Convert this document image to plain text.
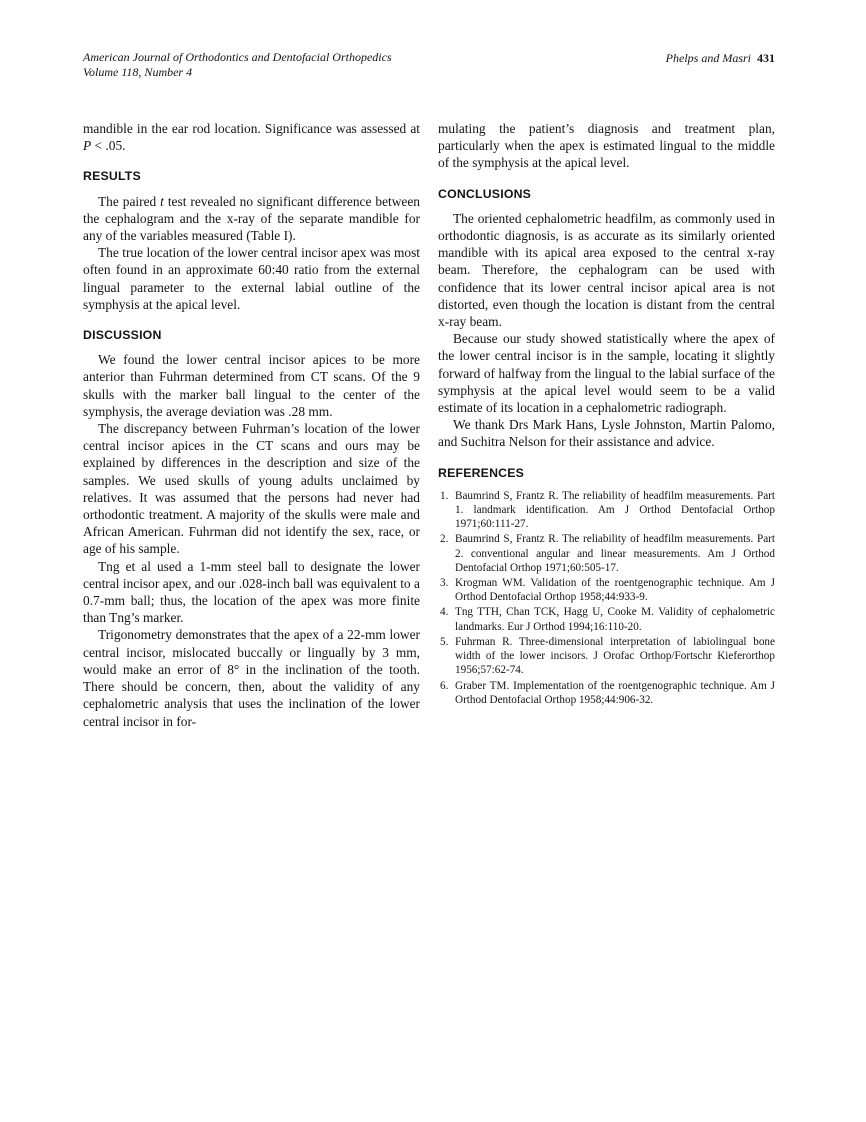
American Journal of Orthodontics and Dentofacial Orthopedics
Volume 118, Number 4
Phelps and Masri 431

mandible in the ear rod location. Significance was assessed at P < .05.

RESULTS

The paired t test revealed no significant difference between the cephalogram and the x-ray of the separate mandible for any of the variables measured (Table I).

The true location of the lower central incisor apex was most often found in an approximate 60:40 ratio from the external lingual parameter to the external labial outline of the symphysis at the apical level.

DISCUSSION

We found the lower central incisor apices to be more anterior than Fuhrman determined from CT scans. Of the 9 skulls with the marker ball lingual to the center of the symphysis, the average deviation was .28 mm.

The discrepancy between Fuhrman’s location of the lower central incisor apices in the CT scans and ours may be explained by differences in the description and size of the samples. We used skulls of young adults unclaimed by relatives. It was assumed that the persons had never had orthodontic treatment. A majority of the skulls were male and African American. Fuhrman did not identify the sex, race, or age of his sample.

Tng et al used a 1-mm steel ball to designate the lower central incisor apex, and our .028-inch ball was equivalent to a 0.7-mm ball; thus, the location of the apex was more finite than Tng’s marker.

Trigonometry demonstrates that the apex of a 22-mm lower central incisor, mislocated buccally or lingually by 3 mm, would make an error of 8° in the inclination of the tooth. There should be concern, then, about the validity of any cephalometric analysis that uses the inclination of the lower central incisor in for-

mulating the patient’s diagnosis and treatment plan, particularly when the apex is estimated lingual to the middle of the symphysis at the apical level.

CONCLUSIONS

The oriented cephalometric headfilm, as commonly used in orthodontic diagnosis, is as accurate as its similarly oriented mandible with its apical area exposed to the central x-ray beam. Therefore, the cephalogram can be used with confidence that its lower central incisor apical area is not distorted, even though the location is distant from the central x-ray beam.

Because our study showed statistically where the apex of the lower central incisor is in the sample, locating it slightly forward of halfway from the lingual to the labial surface of the symphysis at the apical level would seem to be a valid estimate of its location in a cephalometric radiograph.

We thank Drs Mark Hans, Lysle Johnston, Martin Palomo, and Suchitra Nelson for their assistance and advice.

REFERENCES
1. Baumrind S, Frantz R. The reliability of headfilm measurements. Part 1. landmark identification. Am J Orthod Dentofacial Orthop 1971;60:111-27.
2. Baumrind S, Frantz R. The reliability of headfilm measurements. Part 2. conventional angular and linear measurements. Am J Orthod Dentofacial Orthop 1971;60:505-17.
3. Krogman WM. Validation of the roentgenographic technique. Am J Orthod Dentofacial Orthop 1958;44:933-9.
4. Tng TTH, Chan TCK, Hagg U, Cooke M. Validity of cephalometric landmarks. Eur J Orthod 1994;16:110-20.
5. Fuhrman R. Three-dimensional interpretation of labiolingual bone width of the lower incisors. J Orofac Orthop/Fortschr Kieferorthop 1956;57:62-74.
6. Graber TM. Implementation of the roentgenographic technique. Am J Orthod Dentofacial Orthop 1958;44:906-32.
